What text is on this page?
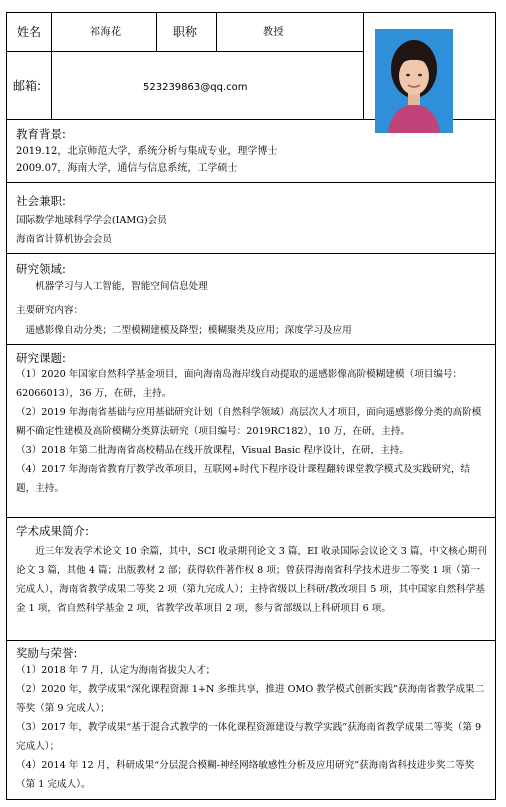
姓名	祁海花	职称	教授
邮箱:	523239863@qq.com
教育背景:

2019.12，北京师范大学，系统分析与集成专业，理学博士

2009.07，海南大学，通信与信息系统，工学硕士

社会兼职:

国际数学地球科学学会(IAMG)会员

海南省计算机协会会员

研究领域:

机器学习与人工智能，智能空间信息处理

主要研究内容：

遥感影像自动分类；二型模糊建模及降型；模糊聚类及应用；深度学习及应用

研究课题:

（1）2020 年国家自然科学基金项目，面向海南岛海岸线自动提取的遥感影像高阶模糊建模（项目编号：62066013），36 万，在研，主持。

（2）2019 年海南省基础与应用基础研究计划（自然科学领域）高层次人才项目，面向遥感影像分类的高阶模糊不确定性建模及高阶模糊分类算法研究（项目编号：2019RC182），10 万，在研，主持。

（3）2018 年第二批海南省高校精品在线开放课程，Visual Basic 程序设计，在研，主持。

（4）2017 年海南省教育厅教学改革项目，互联网+时代下程序设计课程翻转课堂教学模式及实践研究，结题，主持。

学术成果简介:

近三年发表学术论文 10 余篇，其中，SCI 收录期刊论文 3 篇，EI 收录国际会议论文 3 篇，中文核心期刊论文 3 篇，其他 4 篇；出版教材 2 部；获得软件著作权 8 项；曾获得海南省科学技术进步二等奖 1 项（第一完成人），海南省教学成果二等奖 2 项（第九完成人）；主持省级以上科研/教改项目 5 项，其中国家自然科学基金 1 项，省自然科学基金 2 项，省教学改革项目 2 项，参与省部级以上科研项目 6 项。

奖励与荣誉:

（1）2018 年 7 月，认定为海南省拔尖人才；

（2）2020 年，教学成果“深化课程资源 1+N 多维共享，推进 OMO 教学模式创新实践”获海南省教学成果二等奖（第 9 完成人）；

（3）2017 年，教学成果“基于混合式教学的一体化课程资源建设与教学实践”获海南省教学成果二等奖（第 9 完成人）；

（4）2014 年 12 月，科研成果“分层混合模糊-神经网络敏感性分析及应用研究”获海南省科技进步奖二等奖（第 1 完成人）。
